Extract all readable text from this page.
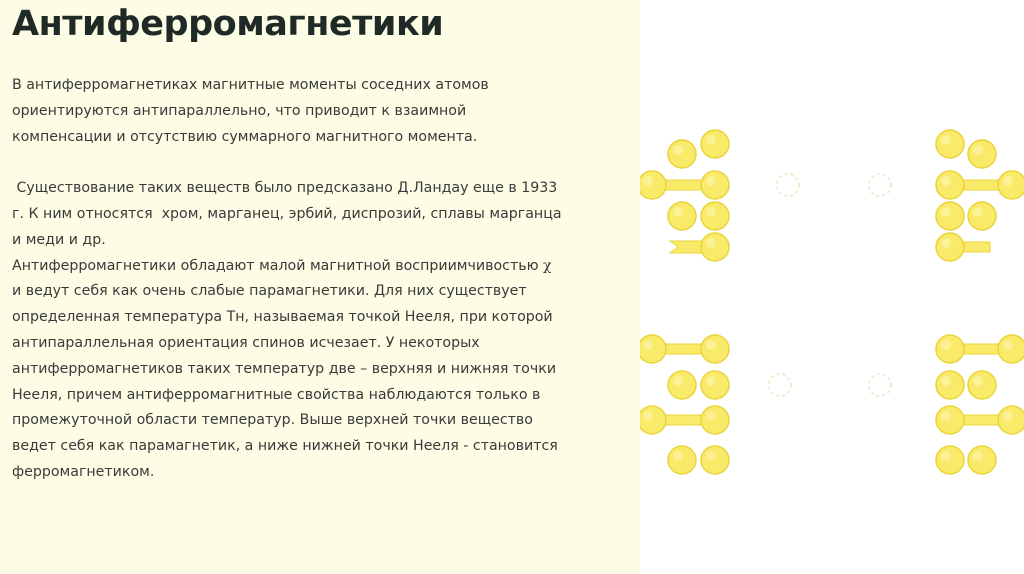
Антиферромагнетики

В антиферромагнетиках магнитные моменты соседних атомов

ориентируются антипараллельно, что приводит к взаимной

компенсации и отсутствию суммарного магнитного момента.

Существование таких веществ было предсказано Д.Ландау еще в 1933

г. К ним относятся  хром, марганец, эрбий, диспрозий, сплавы марганца

и меди и др.

Антиферромагнетики обладают малой магнитной восприимчивостью χ

и ведут себя как очень слабые парамагнетики. Для них существует

определенная температура Тн, называемая точкой Нееля, при которой

антипараллельная ориентация спинов исчезает. У некоторых

антиферромагнетиков таких температур две – верхняя и нижняя точки

Нееля, причем антиферромагнитные свойства наблюдаются только в

промежуточной области температур. Выше верхней точки вещество

ведет себя как парамагнетик, а ниже нижней точки Нееля - становится

ферромагнетиком.
